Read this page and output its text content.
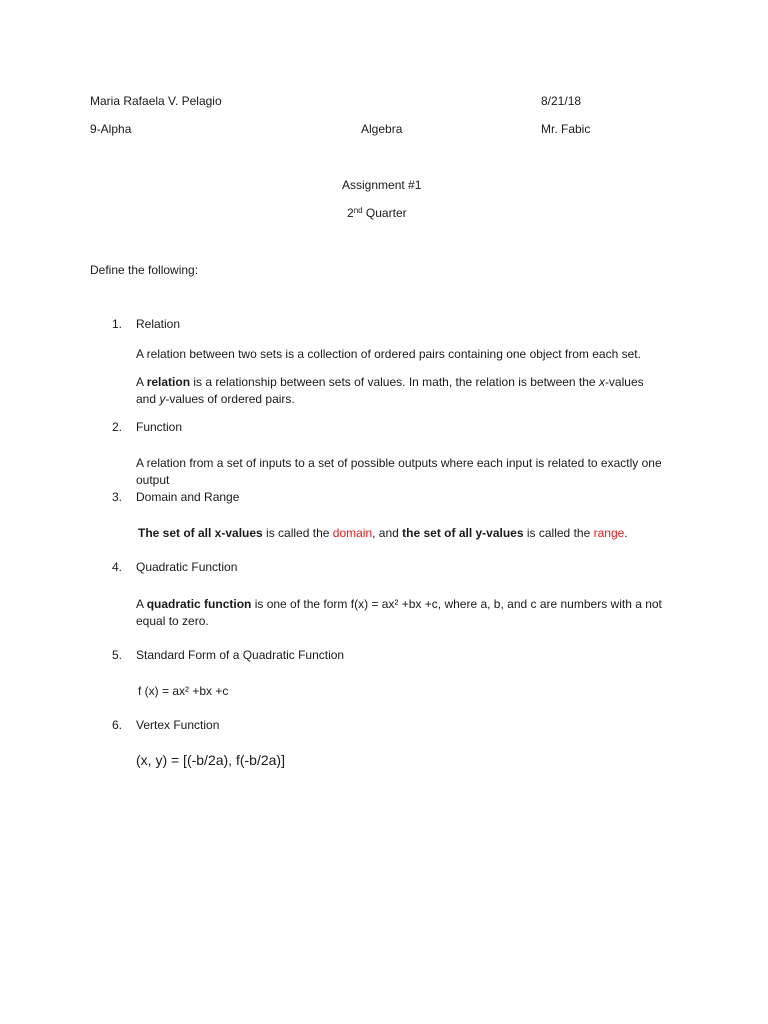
Maria Rafaela V. Pelagio	8/21/18
9-Alpha	Algebra	Mr. Fabic
Assignment #1
2nd Quarter
Define the following:
1. Relation
A relation between two sets is a collection of ordered pairs containing one object from each set.
A relation is a relationship between sets of values. In math, the relation is between the x-values and y-values of ordered pairs.
2. Function
A relation from a set of inputs to a set of possible outputs where each input is related to exactly one output
3. Domain and Range
The set of all x-values is called the domain, and the set of all y-values is called the range.
4. Quadratic Function
A quadratic function is one of the form f(x) = ax² +bx +c, where a, b, and c are numbers with a not equal to zero.
5. Standard Form of a Quadratic Function
f (x) = ax² +bx +c
6. Vertex Function
(x, y) = [(-b/2a), f(-b/2a)]
